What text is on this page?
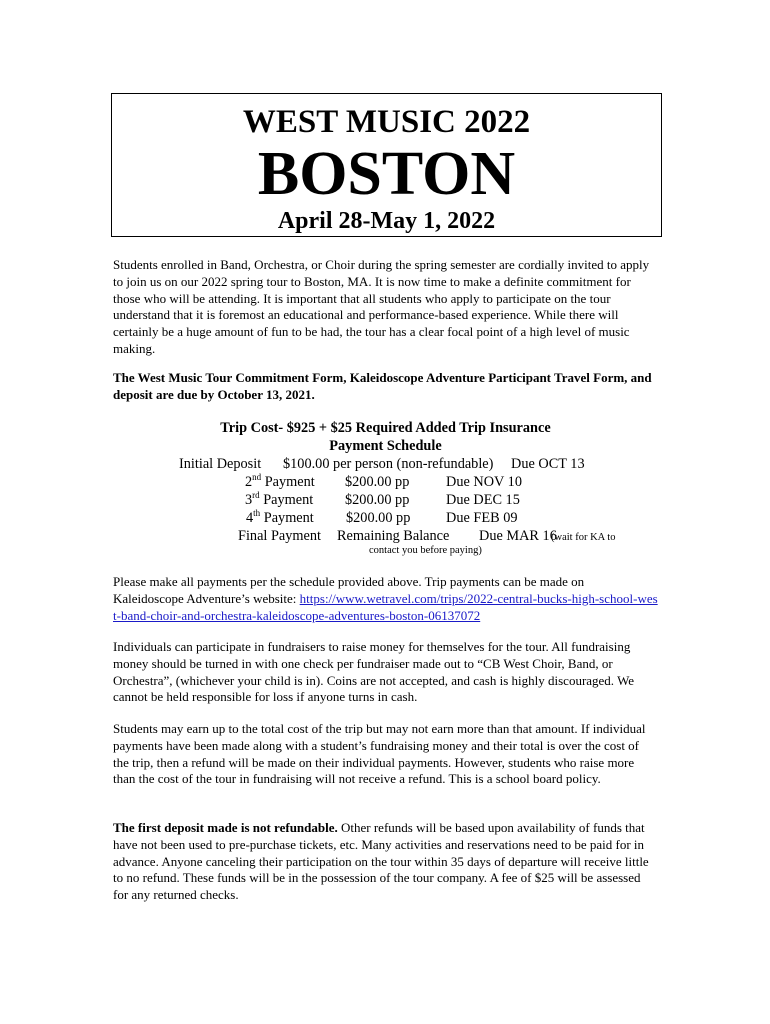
WEST MUSIC 2022
BOSTON
April 28-May 1, 2022

Students enrolled in Band, Orchestra, or Choir during the spring semester are cordially invited to apply to join us on our 2022 spring tour to Boston, MA. It is now time to make a definite commitment for those who will be attending. It is important that all students who apply to participate on the tour understand that it is foremost an educational and performance-based experience. While there will certainly be a huge amount of fun to be had, the tour has a clear focal point of a high level of music making.

The West Music Tour Commitment Form, Kaleidoscope Adventure Participant Travel Form, and deposit are due by October 13, 2021.

Trip Cost- $925 + $25 Required Added Trip Insurance
Payment Schedule
Initial Deposit $100.00 per person (non-refundable) Due OCT 13
2nd Payment $200.00 pp	Due NOV 10
3rd Payment $200.00 pp	Due DEC 15
4th Payment $200.00 pp Due FEB 09
Final Payment Remaining Balance Due MAR 16
(wait for KA to
contact you before paying)

Please make all payments per the schedule provided above. Trip payments can be made on Kaleidoscope Adventure’s website: https://www.wetravel.com/trips/2022-central-bucks-high-school-west-band-choir-and-orchestra-kaleidoscope-adventures-boston-06137072

Individuals can participate in fundraisers to raise money for themselves for the tour. All fundraising money should be turned in with one check per fundraiser made out to “CB West Choir, Band, or Orchestra”, (whichever your child is in). Coins are not accepted, and cash is highly discouraged. We cannot be held responsible for loss if anyone turns in cash.

Students may earn up to the total cost of the trip but may not earn more than that amount. If individual payments have been made along with a student’s fundraising money and their total is over the cost of the trip, then a refund will be made on their individual payments. However, students who raise more than the cost of the tour in fundraising will not receive a refund. This is a school board policy.

The first deposit made is not refundable. Other refunds will be based upon availability of funds that have not been used to pre-purchase tickets, etc. Many activities and reservations need to be paid for in advance. Anyone canceling their participation on the tour within 35 days of departure will receive little to no refund. These funds will be in the possession of the tour company. A fee of $25 will be assessed for any returned checks.
